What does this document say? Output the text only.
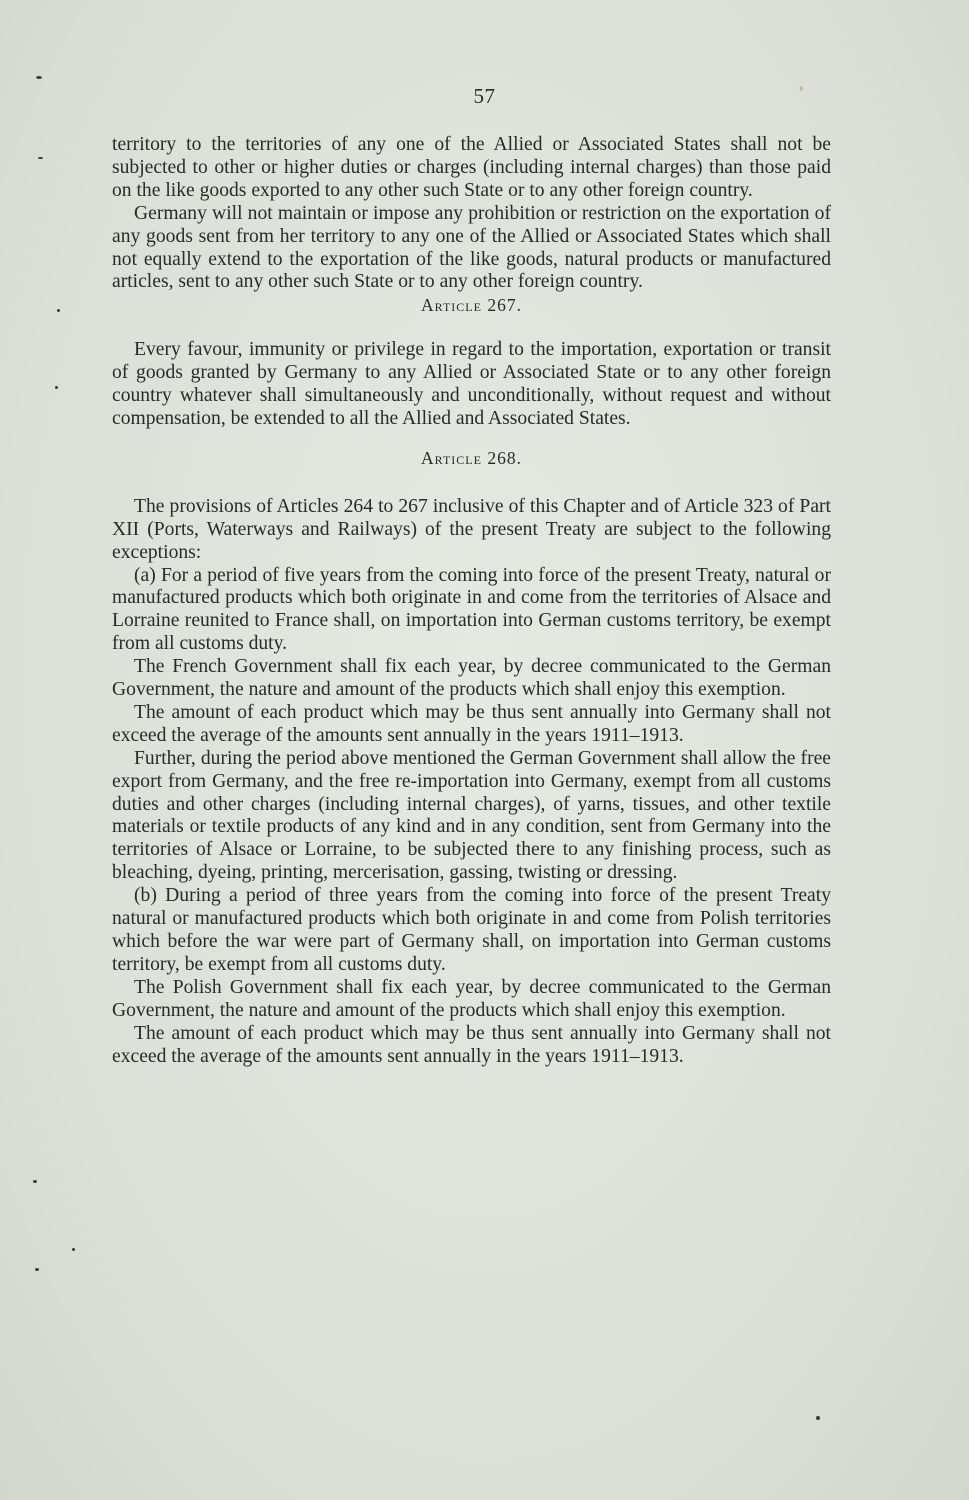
57

territory to the territories of any one of the Allied or Associated States shall not be subjected to other or higher duties or charges (including internal charges) than those paid on the like goods exported to any other such State or to any other foreign country.

Germany will not maintain or impose any prohibition or restriction on the exportation of any goods sent from her territory to any one of the Allied or Associated States which shall not equally extend to the exportation of the like goods, natural products or manufactured articles, sent to any other such State or to any other foreign country.

Article 267.

Every favour, immunity or privilege in regard to the importation, exportation or transit of goods granted by Germany to any Allied or Associated State or to any other foreign country whatever shall simultaneously and unconditionally, without request and without compensation, be extended to all the Allied and Associated States.

Article 268.

The provisions of Articles 264 to 267 inclusive of this Chapter and of Article 323 of Part XII (Ports, Waterways and Railways) of the present Treaty are subject to the following exceptions:

(a) For a period of five years from the coming into force of the present Treaty, natural or manufactured products which both originate in and come from the territories of Alsace and Lorraine reunited to France shall, on importation into German customs territory, be exempt from all customs duty.

The French Government shall fix each year, by decree communicated to the German Government, the nature and amount of the products which shall enjoy this exemption.

The amount of each product which may be thus sent annually into Germany shall not exceed the average of the amounts sent annually in the years 1911–1913.

Further, during the period above mentioned the German Government shall allow the free export from Germany, and the free re-importation into Germany, exempt from all customs duties and other charges (including internal charges), of yarns, tissues, and other textile materials or textile products of any kind and in any condition, sent from Germany into the territories of Alsace or Lorraine, to be subjected there to any finishing process, such as bleaching, dyeing, printing, mercerisation, gassing, twisting or dressing.

(b) During a period of three years from the coming into force of the present Treaty natural or manufactured products which both originate in and come from Polish territories which before the war were part of Germany shall, on importation into German customs territory, be exempt from all customs duty.

The Polish Government shall fix each year, by decree communicated to the German Government, the nature and amount of the products which shall enjoy this exemption.

The amount of each product which may be thus sent annually into Germany shall not exceed the average of the amounts sent annually in the years 1911–1913.
